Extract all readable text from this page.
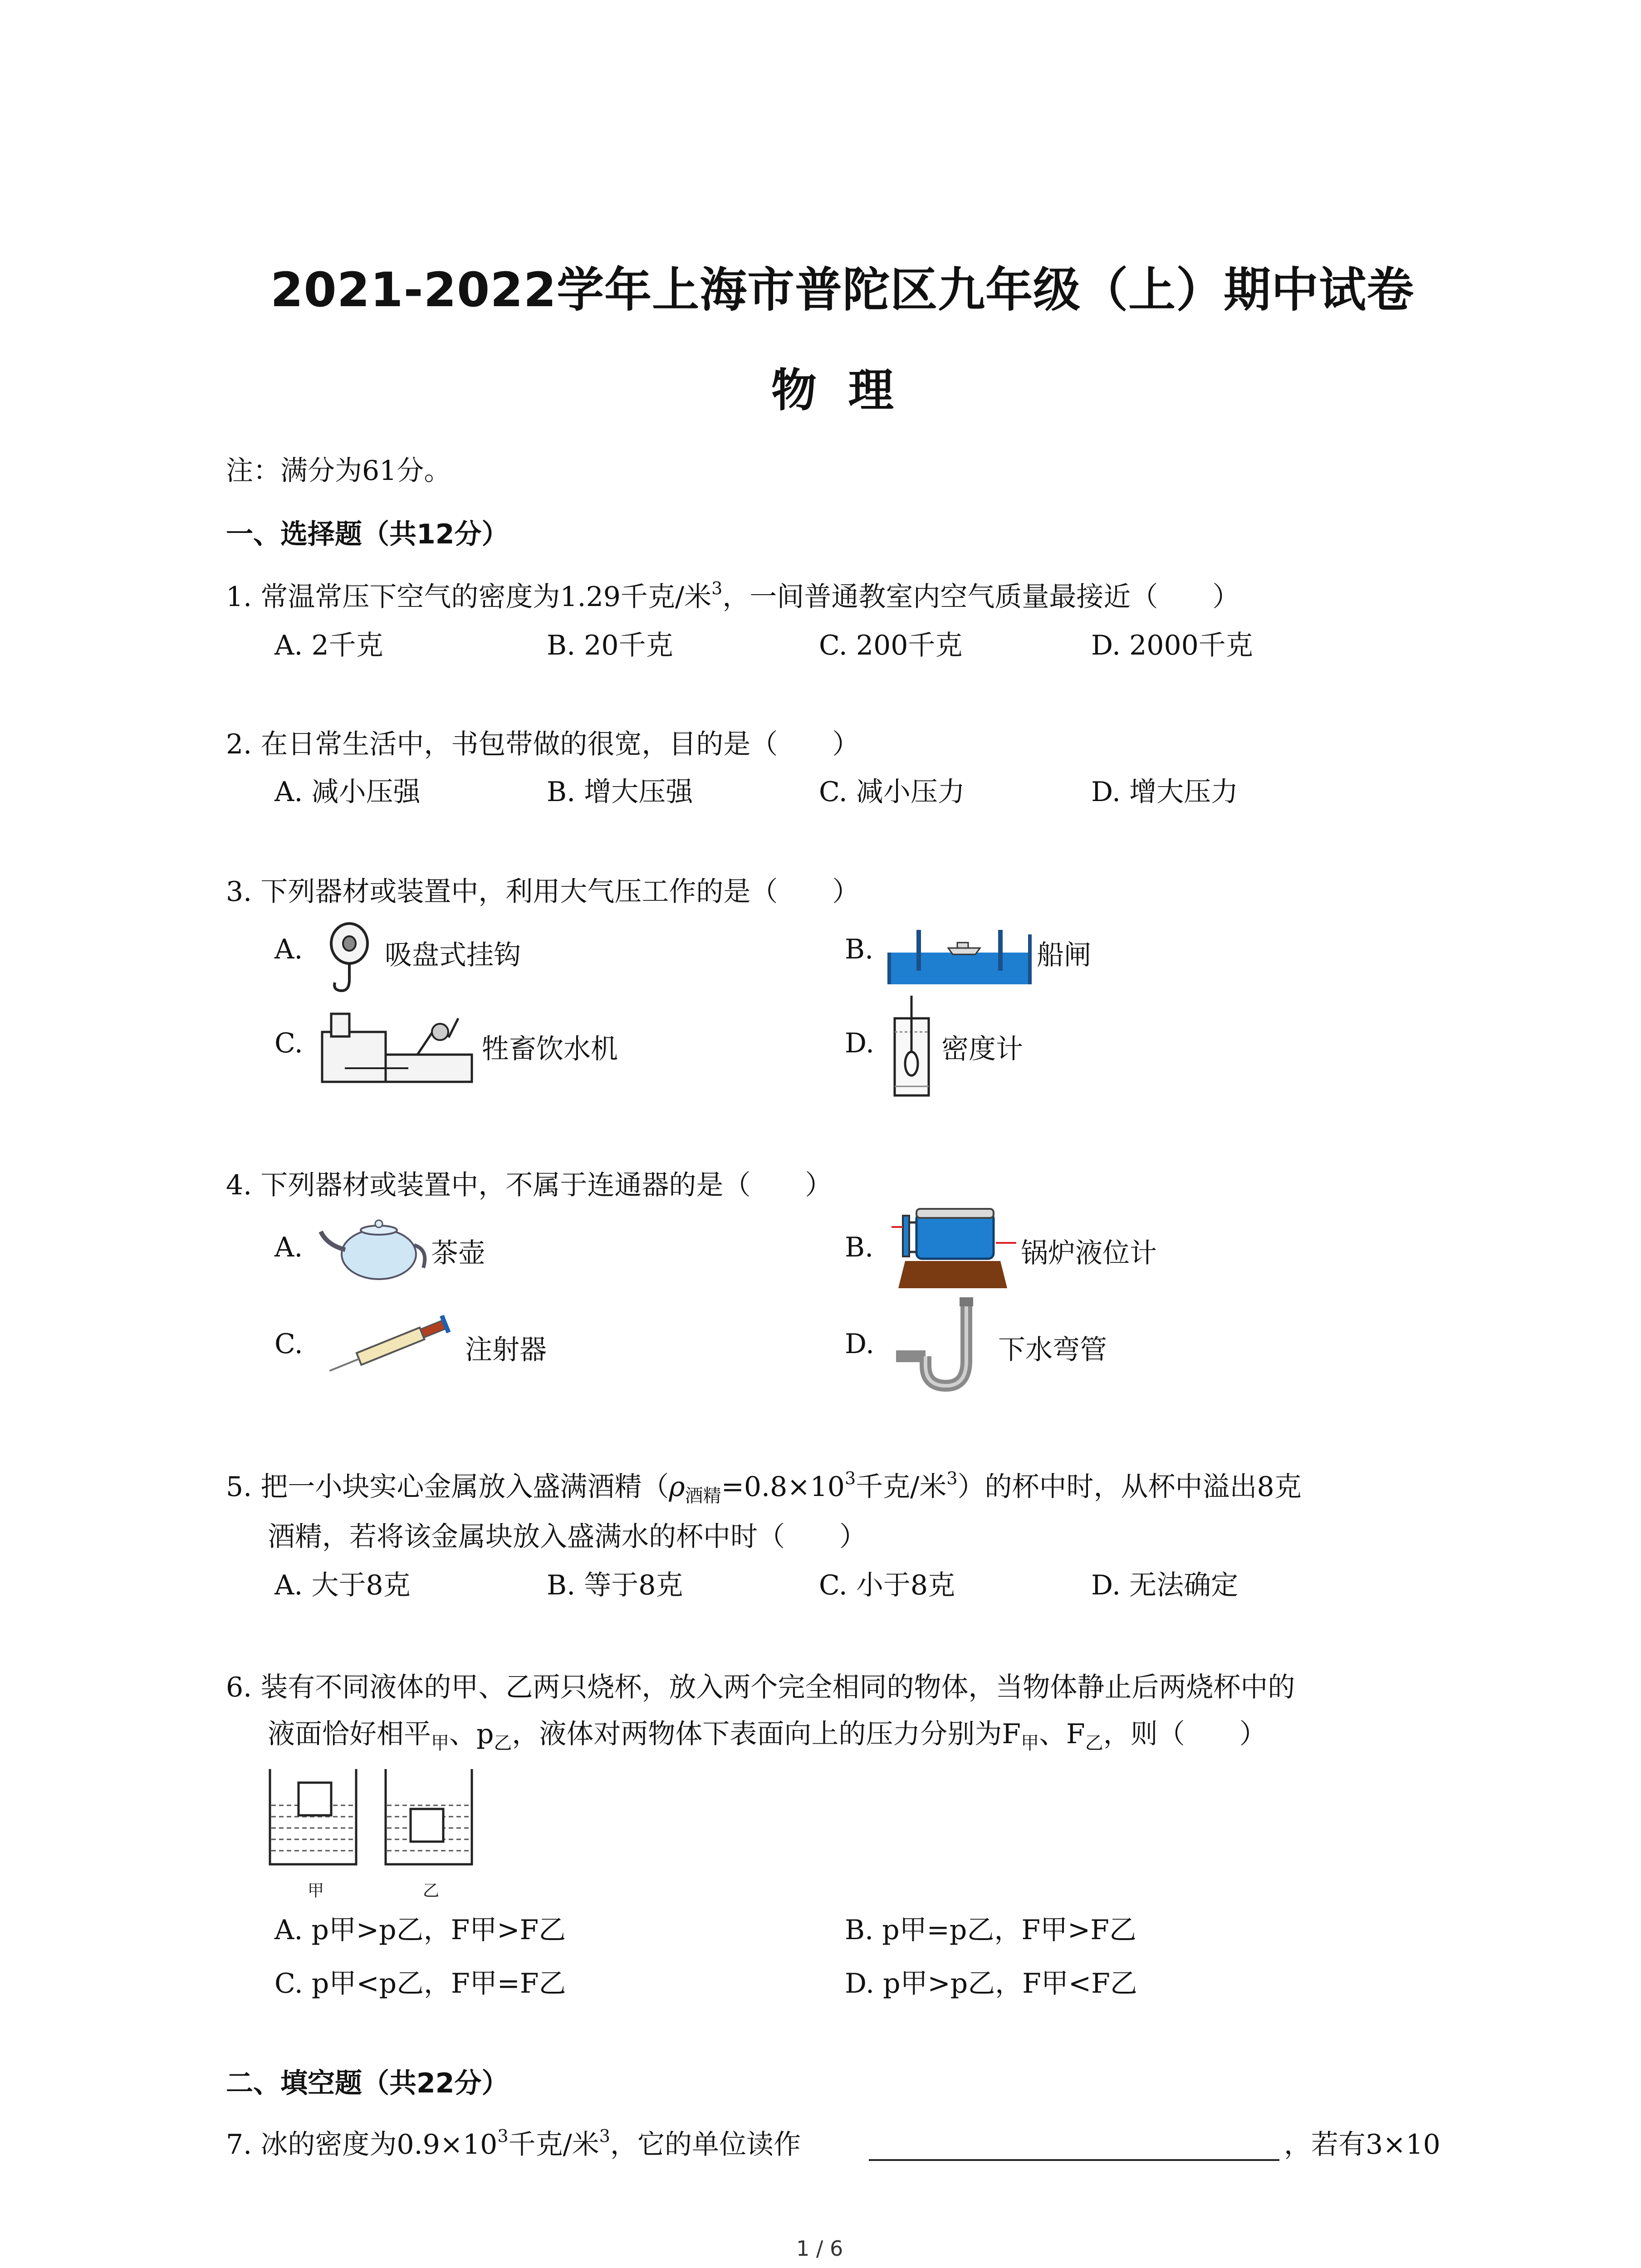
2021-2022学年上海市普陀区九年级（上）期中试卷
物  理
注：满分为61分。
一、选择题（共12分）
1. 常温常压下空气的密度为1.29千克/米$^3$，一间普通教室内空气质量最接近（　　）
A. 2千克	B. 20千克	C. 200千克	D. 2000千克
2. 在日常生活中，书包带做的很宽，目的是（　　）
A. 减小压强	B. 增大压强	C. 减小压力	D. 增大压力
3. 下列器材或装置中，利用大气压工作的是（　　）
A.	吸盘式挂钩	B.	船闸
C.	牲畜饮水机	D. 密度计
4. 下列器材或装置中，不属于连通器的是（　　）
A.	茶壶	B.	锅炉液位计
C.	注射器	D.	下水弯管
5. 把一小块实心金属放入盛满酒精（$\rho_{酒精}=0.8\times 10^3$千克/米$^3$）的杯中时，从杯中溢出8克
酒精，若将该金属块放入盛满水的杯中时（　　）
A. 大于8克	B. 等于8克	C. 小于8克	D. 无法确定
6. 装有不同液体的甲、乙两只烧杯，放入两个完全相同的物体，当物体静止后两烧杯中的
液面恰好相平$_甲$、$p_乙$，液体对两物体下表面向上的压力分别为$F_甲$、$F_乙$，则（　　）
甲	乙
A. p甲>p乙，F甲>F乙	B. p甲=p乙，F甲>F乙
C. p甲<p乙，F甲=F乙	D. p甲>p乙，F甲<F乙
二、填空题（共22分）
7. 冰的密度为$0.9\times 10^3$千克/米$^3$，它的单位读作	，若有3×10
1 / 6
